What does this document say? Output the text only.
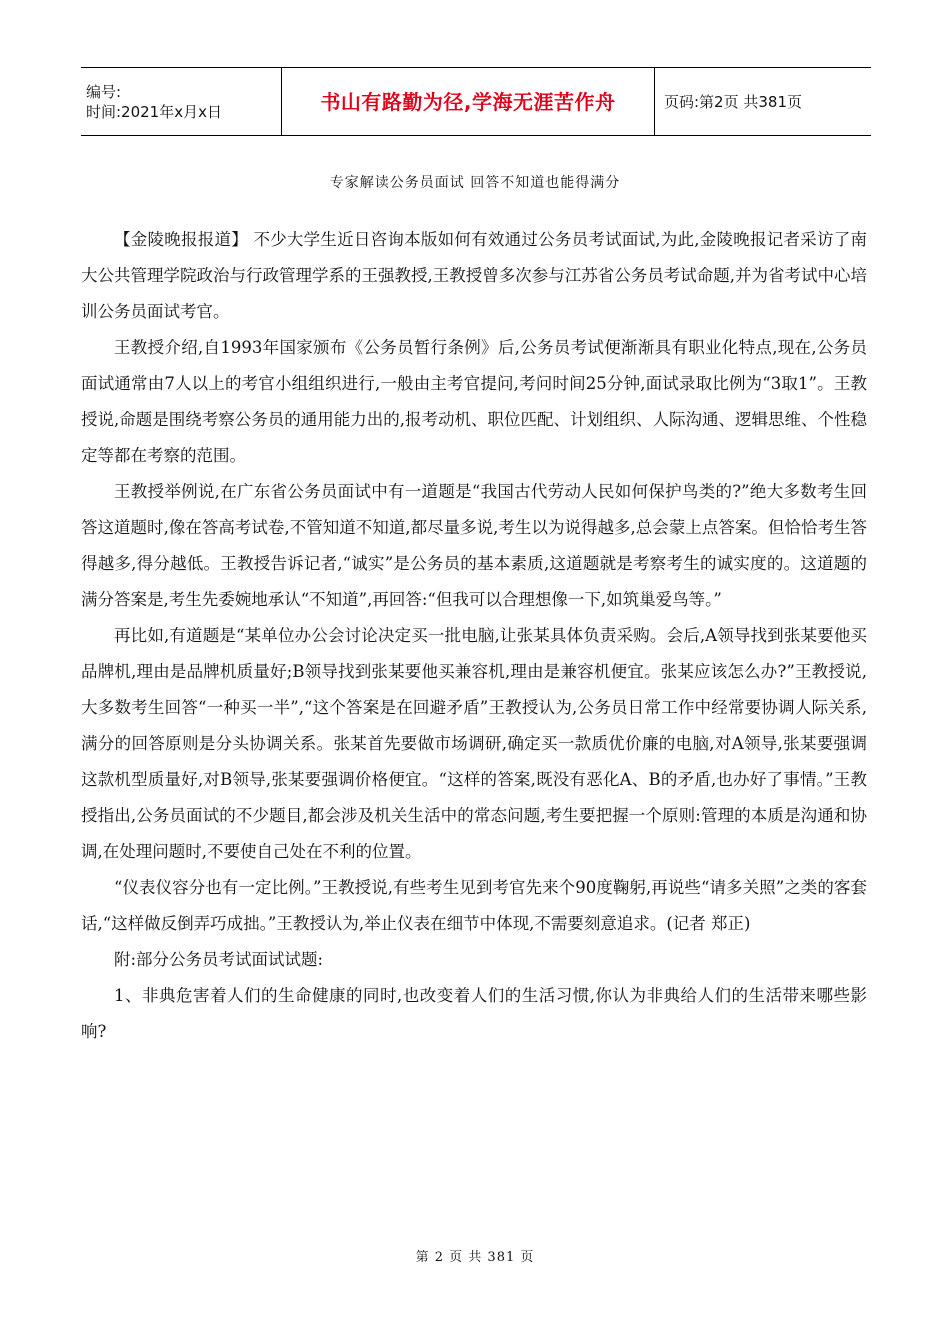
编号:
时间:2021年x月x日	书山有路勤为径,学海无涯苦作舟	页码:第2页 共381页
专家解读公务员面试 回答不知道也能得满分

【金陵晚报报道】 不少大学生近日咨询本版如何有效通过公务员考试面试,为此,金陵晚报记者采访了南大公共管理学院政治与行政管理学系的王强教授,王教授曾多次参与江苏省公务员考试命题,并为省考试中心培训公务员面试考官。

王教授介绍,自1993年国家颁布《公务员暂行条例》后,公务员考试便渐渐具有职业化特点,现在,公务员面试通常由7人以上的考官小组组织进行,一般由主考官提问,考问时间25分钟,面试录取比例为“3取1”。王教授说,命题是围绕考察公务员的通用能力出的,报考动机、职位匹配、计划组织、人际沟通、逻辑思维、个性稳定等都在考察的范围。

王教授举例说,在广东省公务员面试中有一道题是“我国古代劳动人民如何保护鸟类的?”绝大多数考生回答这道题时,像在答高考试卷,不管知道不知道,都尽量多说,考生以为说得越多,总会蒙上点答案。但恰恰考生答得越多,得分越低。王教授告诉记者,“诚实”是公务员的基本素质,这道题就是考察考生的诚实度的。这道题的满分答案是,考生先委婉地承认“不知道”,再回答:“但我可以合理想像一下,如筑巢爱鸟等。”

再比如,有道题是“某单位办公会讨论决定买一批电脑,让张某具体负责采购。会后,A领导找到张某要他买品牌机,理由是品牌机质量好;B领导找到张某要他买兼容机,理由是兼容机便宜。张某应该怎么办?”王教授说,大多数考生回答“一种买一半”,“这个答案是在回避矛盾”王教授认为,公务员日常工作中经常要协调人际关系,满分的回答原则是分头协调关系。张某首先要做市场调研,确定买一款质优价廉的电脑,对A领导,张某要强调这款机型质量好,对B领导,张某要强调价格便宜。“这样的答案,既没有恶化A、B的矛盾,也办好了事情。”王教授指出,公务员面试的不少题目,都会涉及机关生活中的常态问题,考生要把握一个原则:管理的本质是沟通和协调,在处理问题时,不要使自己处在不利的位置。

“仪表仪容分也有一定比例。”王教授说,有些考生见到考官先来个90度鞠躬,再说些“请多关照”之类的客套话,“这样做反倒弄巧成拙。”王教授认为,举止仪表在细节中体现,不需要刻意追求。(记者 郑正)

附:部分公务员考试面试试题:

1、非典危害着人们的生命健康的同时,也改变着人们的生活习惯,你认为非典给人们的生活带来哪些影响?

第 2 页 共 381 页
